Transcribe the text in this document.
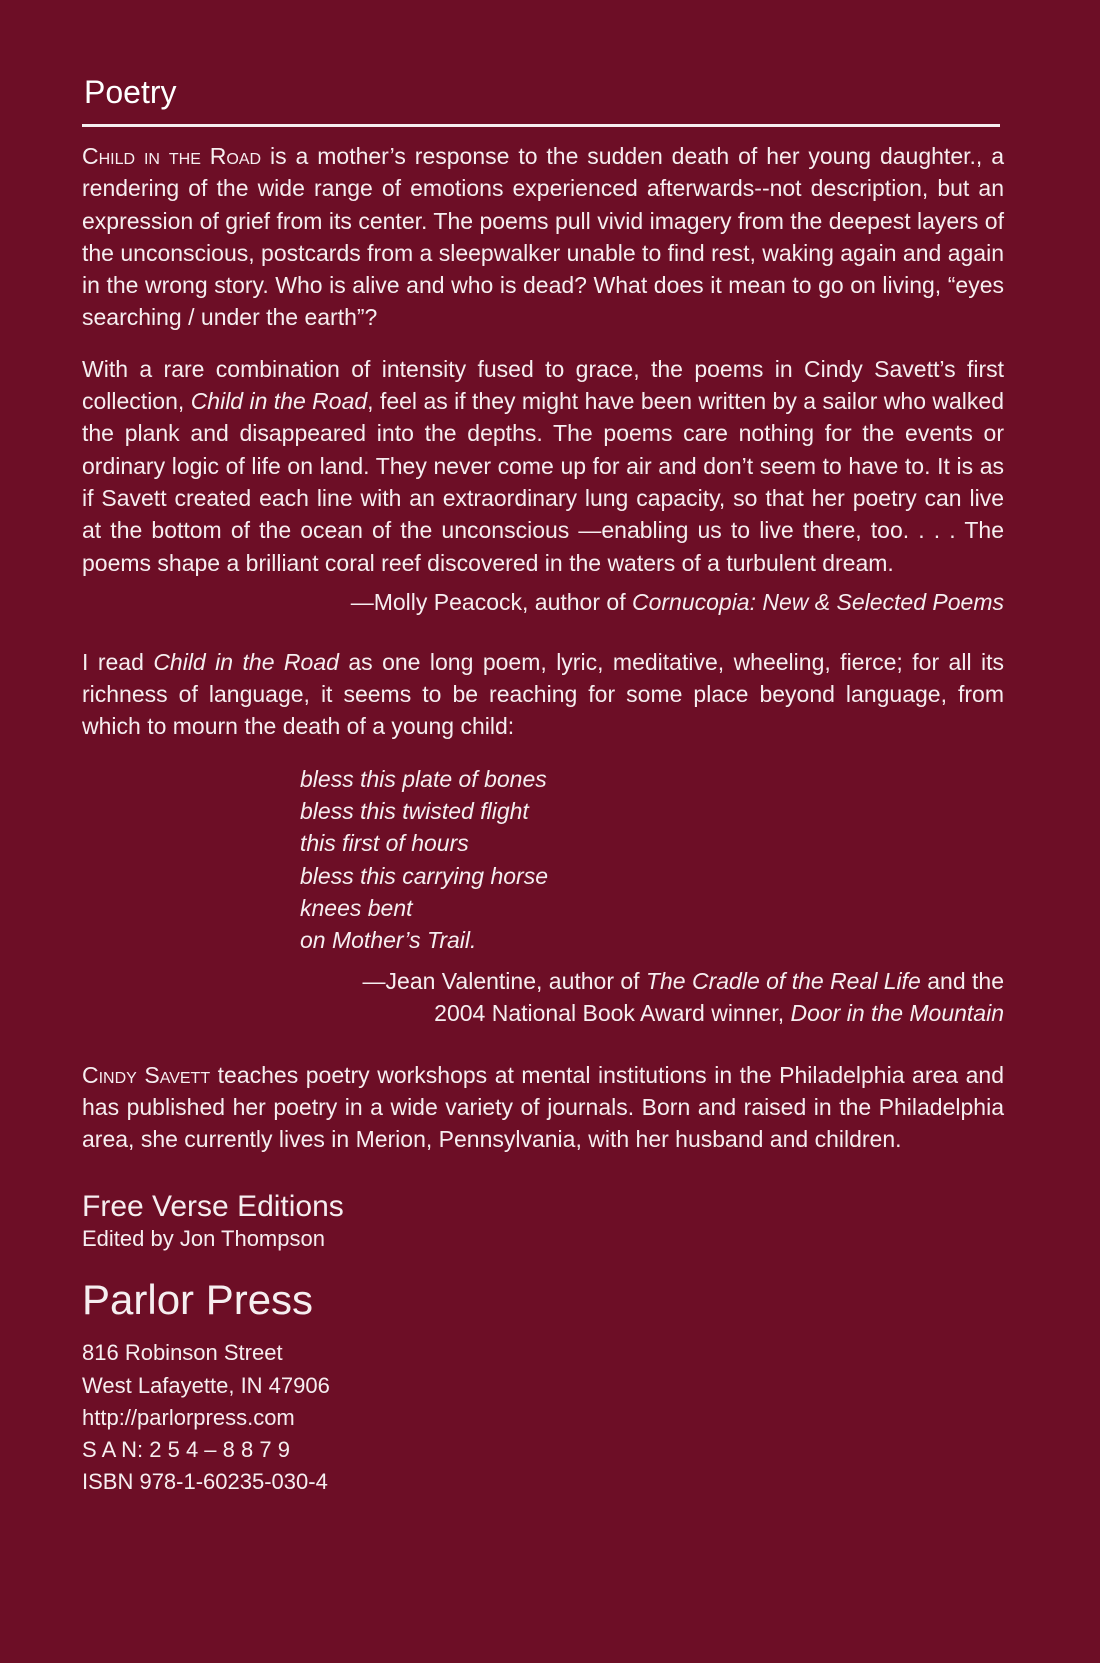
Poetry

Child in the Road is a mother’s response to the sudden death of her young daughter., a rendering of the wide range of emotions experienced afterwards--not description, but an expression of grief from its center. The poems pull vivid imagery from the deepest layers of the unconscious, postcards from a sleepwalker unable to find rest, waking again and again in the wrong story. Who is alive and who is dead? What does it mean to go on living, “eyes searching / under the earth”?

With a rare combination of intensity fused to grace, the poems in Cindy Savett’s first collection, Child in the Road, feel as if they might have been written by a sailor who walked the plank and disappeared into the depths. The poems care nothing for the events or ordinary logic of life on land. They never come up for air and don’t seem to have to. It is as if Savett created each line with an extraordinary lung capacity, so that her poetry can live at the bottom of the ocean of the unconscious —enabling us to live there, too. . . . The poems shape a brilliant coral reef discovered in the waters of a turbulent dream.

—Molly Peacock, author of Cornucopia: New & Selected Poems

I read Child in the Road as one long poem, lyric, meditative, wheeling, fierce; for all its richness of language, it seems to be reaching for some place beyond language, from which to mourn the death of a young child:

bless this plate of bones
bless this twisted flight
this first of hours
bless this carrying horse
knees bent
on Mother’s Trail.
—Jean Valentine, author of The Cradle of the Real Life and the
2004 National Book Award winner, Door in the Mountain

Cindy Savett teaches poetry workshops at mental institutions in the Philadelphia area and has published her poetry in a wide variety of journals. Born and raised in the Philadelphia area, she currently lives in Merion, Pennsylvania, with her husband and children.

Free Verse Editions
Edited by Jon Thompson
Parlor Press
816 Robinson Street
West Lafayette, IN 47906
http://parlorpress.com
S A N: 2 5 4 – 8 8 7 9
ISBN 978-1-60235-030-4
